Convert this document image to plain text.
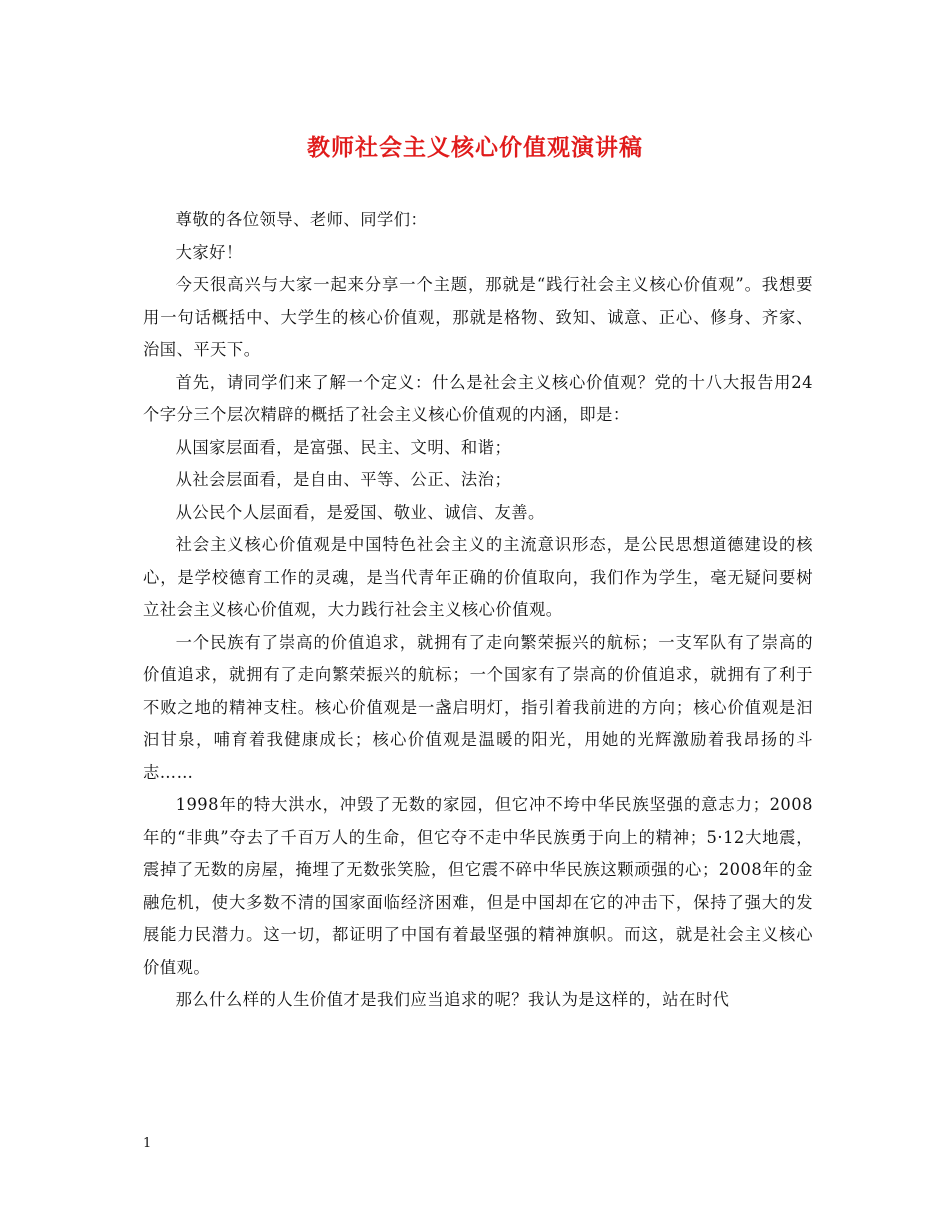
教师社会主义核心价值观演讲稿

尊敬的各位领导、老师、同学们：

大家好！

今天很高兴与大家一起来分享一个主题，那就是“践行社会主义核心价值观”。我想要用一句话概括中、大学生的核心价值观，那就是格物、致知、诚意、正心、修身、齐家、治国、平天下。

首先，请同学们来了解一个定义：什么是社会主义核心价值观？党的十八大报告用24个字分三个层次精辟的概括了社会主义核心价值观的内涵，即是：

从国家层面看，是富强、民主、文明、和谐；

从社会层面看，是自由、平等、公正、法治；

从公民个人层面看，是爱国、敬业、诚信、友善。

社会主义核心价值观是中国特色社会主义的主流意识形态，是公民思想道德建设的核心，是学校德育工作的灵魂，是当代青年正确的价值取向，我们作为学生，毫无疑问要树立社会主义核心价值观，大力践行社会主义核心价值观。

一个民族有了崇高的价值追求，就拥有了走向繁荣振兴的航标；一支军队有了崇高的价值追求，就拥有了走向繁荣振兴的航标；一个国家有了崇高的价值追求，就拥有了利于不败之地的精神支柱。核心价值观是一盏启明灯，指引着我前进的方向；核心价值观是汩汩甘泉，哺育着我健康成长；核心价值观是温暖的阳光，用她的光辉激励着我昂扬的斗志……

1998年的特大洪水，冲毁了无数的家园，但它冲不垮中华民族坚强的意志力；2008年的“非典”夺去了千百万人的生命，但它夺不走中华民族勇于向上的精神；5·12大地震，震掉了无数的房屋，掩埋了无数张笑脸，但它震不碎中华民族这颗顽强的心；2008年的金融危机，使大多数不清的国家面临经济困难，但是中国却在它的冲击下，保持了强大的发展能力民潜力。这一切，都证明了中国有着最坚强的精神旗帜。而这，就是社会主义核心价值观。

那么什么样的人生价值才是我们应当追求的呢？我认为是这样的，站在时代

1
